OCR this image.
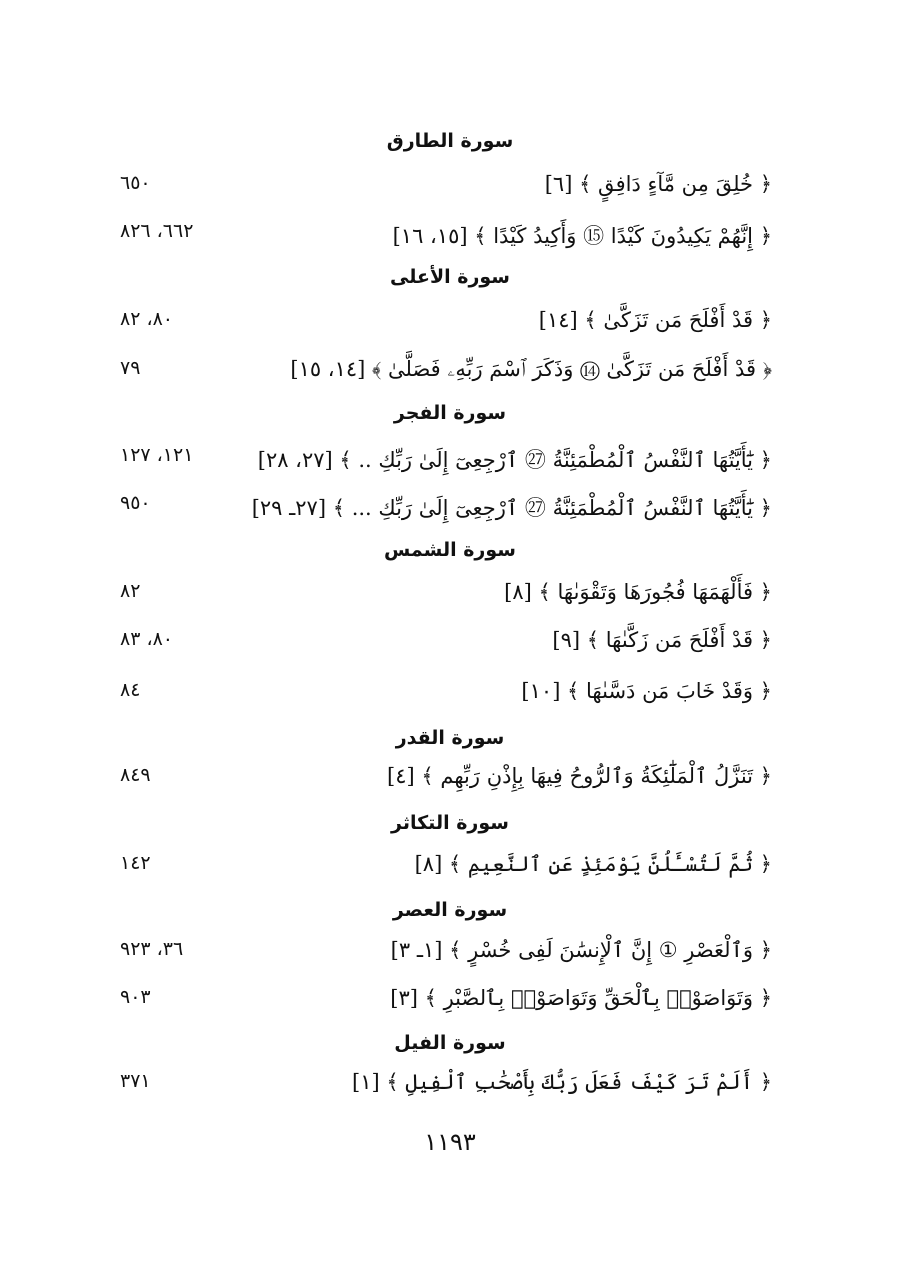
سورة الطارق
﴿ خُلِقَ مِن مَّآءٍ دَافِقٍ ﴾ [٦]
٦٥٠
﴿ إِنَّهُمْ يَكِيدُونَ كَيْدًا ⑮ وَأَكِيدُ كَيْدًا ﴾ [١٥، ١٦]
٦٦٢، ٨٢٦
سورة الأعلى
﴿ قَدْ أَفْلَحَ مَن تَزَكَّىٰ ﴾ [١٤]
٨٠، ٨٢
﴿ قَدْ أَفْلَحَ مَن تَزَكَّىٰ ⑭ وَذَكَرَ ٱسْمَ رَبِّهِۦ فَصَلَّىٰ ﴾ [١٤، ١٥]
٧٩
سورة الفجر
﴿ يَٰٓأَيَّتُهَا ٱلنَّفْسُ ٱلْمُطْمَئِنَّةُ ㉗ ٱرْجِعِىٓ إِلَىٰ رَبِّكِ .. ﴾ [٢٧، ٢٨]
١٢١، ١٢٧
﴿ يَٰٓأَيَّتُهَا ٱلنَّفْسُ ٱلْمُطْمَئِنَّةُ ㉗ ٱرْجِعِىٓ إِلَىٰ رَبِّكِ ... ﴾ [٢٧ـ ٢٩]
٩٥٠
سورة الشمس
﴿ فَأَلْهَمَهَا فُجُورَهَا وَتَقْوَىٰهَا ﴾ [٨]
٨٢
﴿ قَدْ أَفْلَحَ مَن زَكَّىٰهَا ﴾ [٩]
٨٠، ٨٣
﴿ وَقَدْ خَابَ مَن دَسَّىٰهَا ﴾ [١٠]
٨٤
سورة القدر
﴿ تَنَزَّلُ ٱلْمَلَٰٓئِكَةُ وَٱلرُّوحُ فِيهَا بِإِذْنِ رَبِّهِم ﴾ [٤]
٨٤٩
سورة التكاثر
﴿ ثُمَّ لَتُسْـَٔلُنَّ يَوْمَئِذٍ عَنِ ٱلنَّعِيمِ ﴾ [٨]
١٤٢
سورة العصر
﴿ وَٱلْعَصْرِ ① إِنَّ ٱلْإِنسَٰنَ لَفِى خُسْرٍ ﴾ [١ـ ٣]
٣٦، ٩٢٣
﴿ وَتَوَاصَوْا۟ بِٱلْحَقِّ وَتَوَاصَوْا۟ بِٱلصَّبْرِ ﴾ [٣]
٩٠٣
سورة الفيل
﴿ أَلَمْ تَرَ كَيْفَ فَعَلَ رَبُّكَ بِأَصْحَٰبِ ٱلْفِيلِ ﴾ [١]
٣٧١
١١٩٣
